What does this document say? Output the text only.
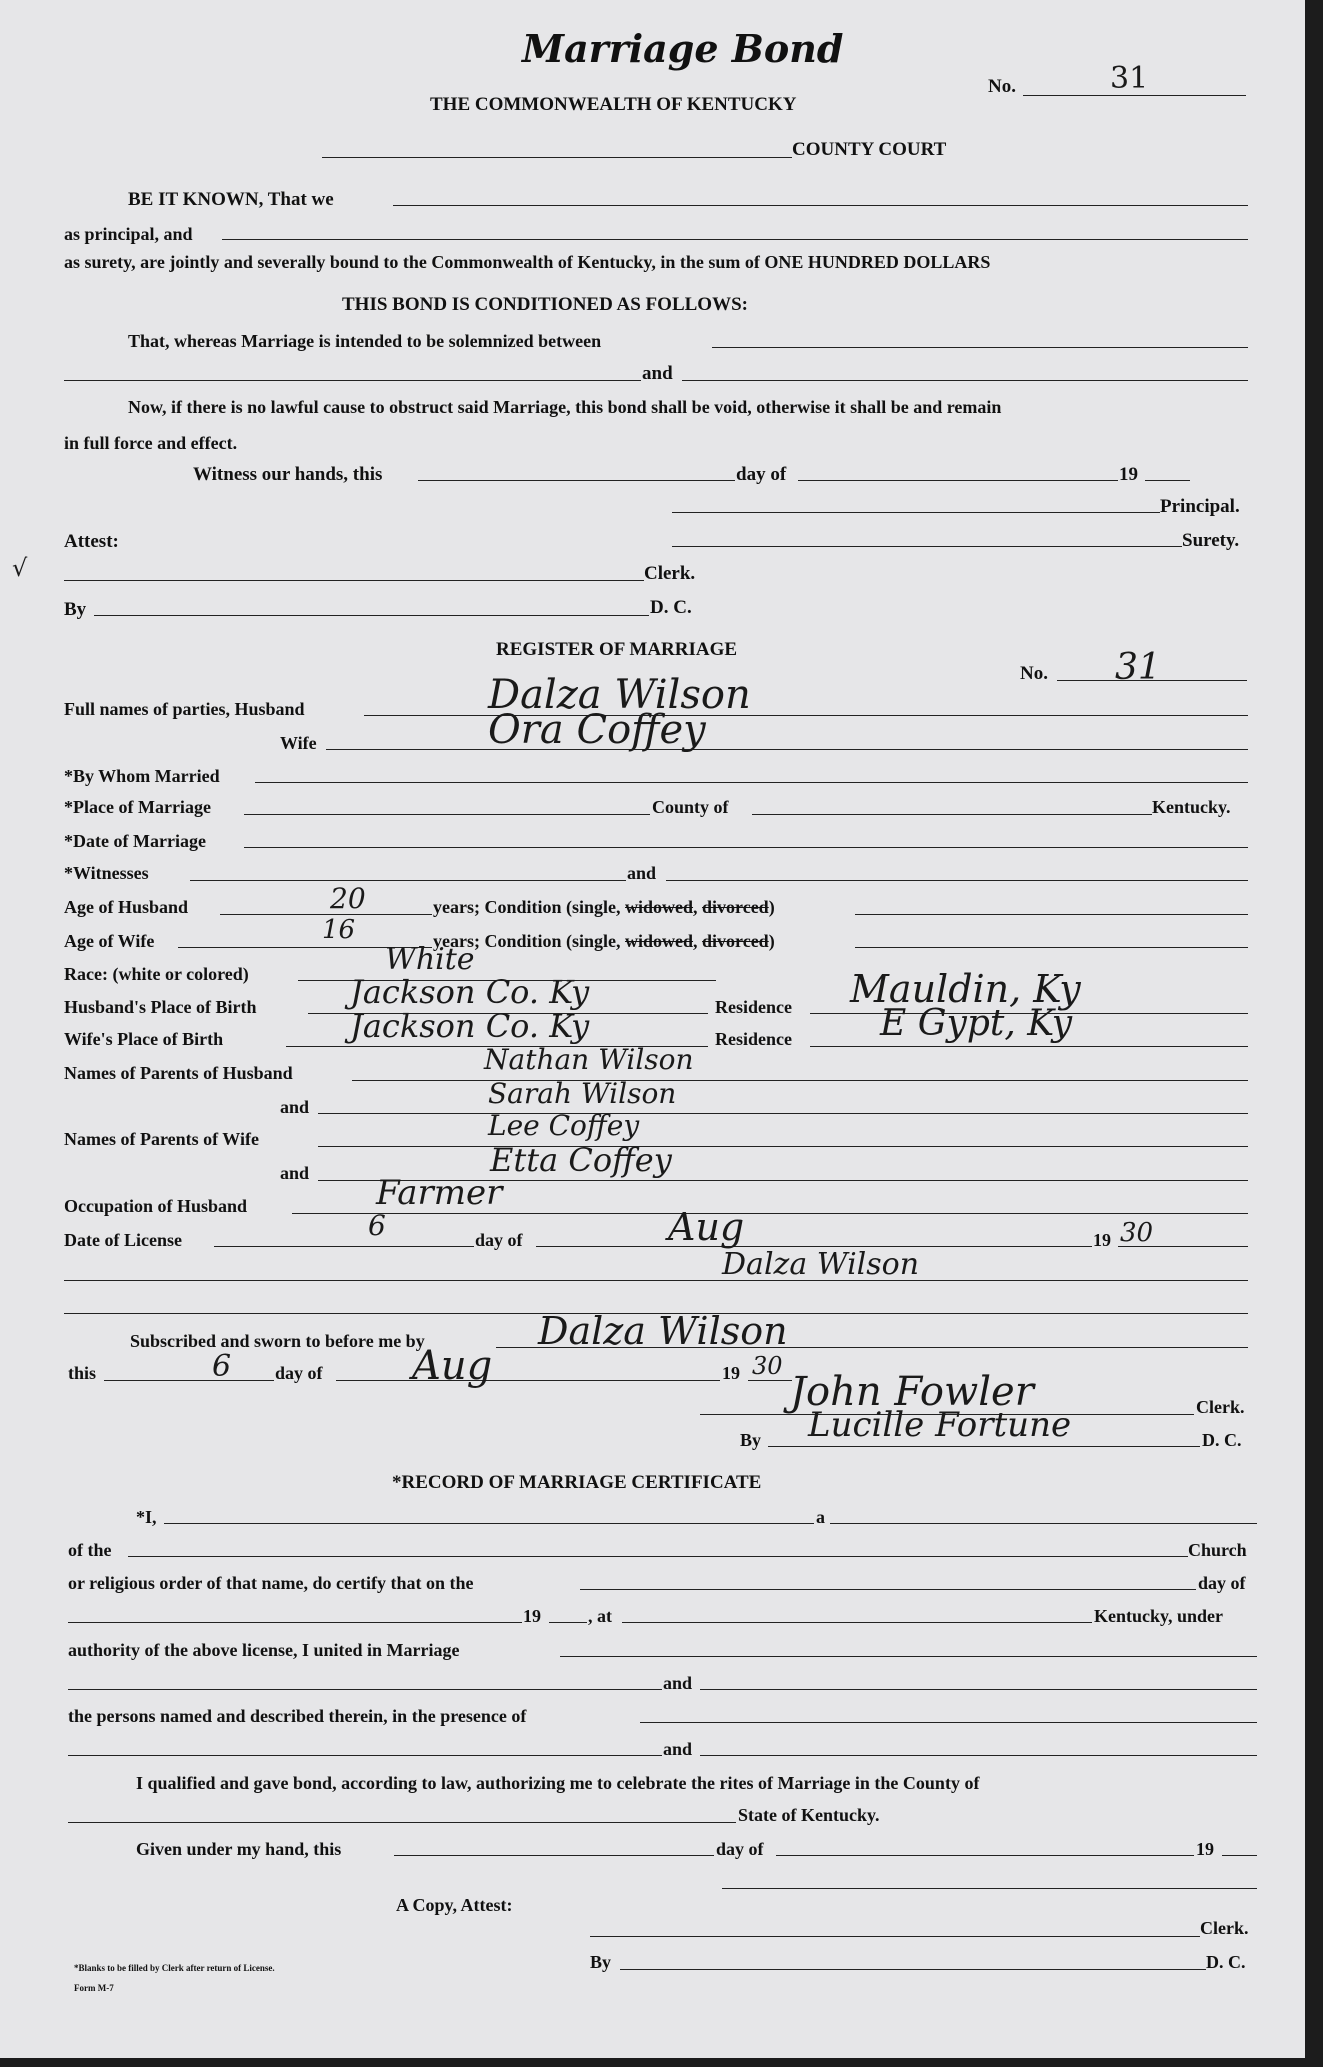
Marriage Bond
THE COMMONWEALTH OF KENTUCKY
No.	31
COUNTY COURT
BE IT KNOWN, That we
as principal, and
as surety, are jointly and severally bound to the Commonwealth of Kentucky, in the sum of ONE HUNDRED DOLLARS
THIS BOND IS CONDITIONED AS FOLLOWS:
That, whereas Marriage is intended to be solemnized between
and
Now, if there is no lawful cause to obstruct said Marriage, this bond shall be void, otherwise it shall be and remain
in full force and effect.
Witness our hands, this	day of	19
Principal.
Attest:
√
Surety.
Clerk.
By	D. C.
REGISTER OF MARRIAGE
No. 31
Full names of parties, Husband	Dalza Wilson
Wife	Ora Coffey
*By Whom Married
*Place of Marriage	County of	Kentucky.
*Date of Marriage
*Witnesses	and
Age of Husband	20	years; Condition (single, widowed, divorced)
Age of Wife	16	years; Condition (single, widowed, divorced)
Race: (white or colored)	White
Husband's Place of Birth	Jackson Co. Ky	Residence Mauldin, Ky
Wife's Place of Birth	Jackson Co. Ky	Residence E Gypt, Ky
Names of Parents of Husband	Nathan Wilson
and	Sarah Wilson
Names of Parents of Wife	Lee Coffey
and	Etta Coffey
Occupation of Husband	Farmer
Date of License	6	day of	Aug	19 30
Dalza Wilson
Subscribed and sworn to before me by	Dalza Wilson
this	6 day of Aug	19 30
John Fowler	Clerk.
By Lucille Fortune	D. C.
*RECORD OF MARRIAGE CERTIFICATE
*I,	a
of the	Church
or religious order of that name, do certify that on the	day of
19	, at	Kentucky, under
authority of the above license, I united in Marriage
and
the persons named and described therein, in the presence of
and
I qualified and gave bond, according to law, authorizing me to celebrate the rites of Marriage in the County of
State of Kentucky.
Given under my hand, this	day of	19
A Copy, Attest:
Clerk.
By	D. C.
*Blanks to be filled by Clerk after return of License.
Form M-7
